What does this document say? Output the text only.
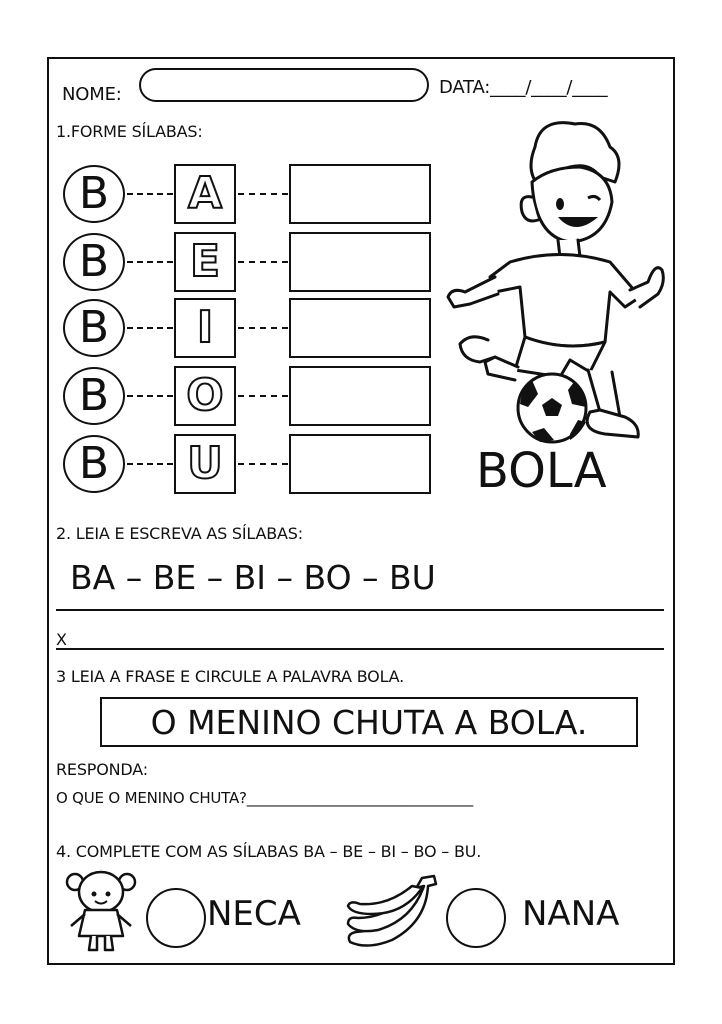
NOME:	DATA:____/____/____
1.FORME SÍLABAS:
B	A
B	E
B	I
B	O
B	U	BOLA
2. LEIA E ESCREVA AS SÍLABAS:
BA – BE – BI – BO – BU
X
3 LEIA A FRASE E CIRCULE A PALAVRA BOLA.
O MENINO CHUTA A BOLA.
RESPONDA:
O QUE O MENINO CHUTA?_______________________________
4. COMPLETE COM AS SÍLABAS BA – BE – BI – BO – BU.
NECA	NANA
